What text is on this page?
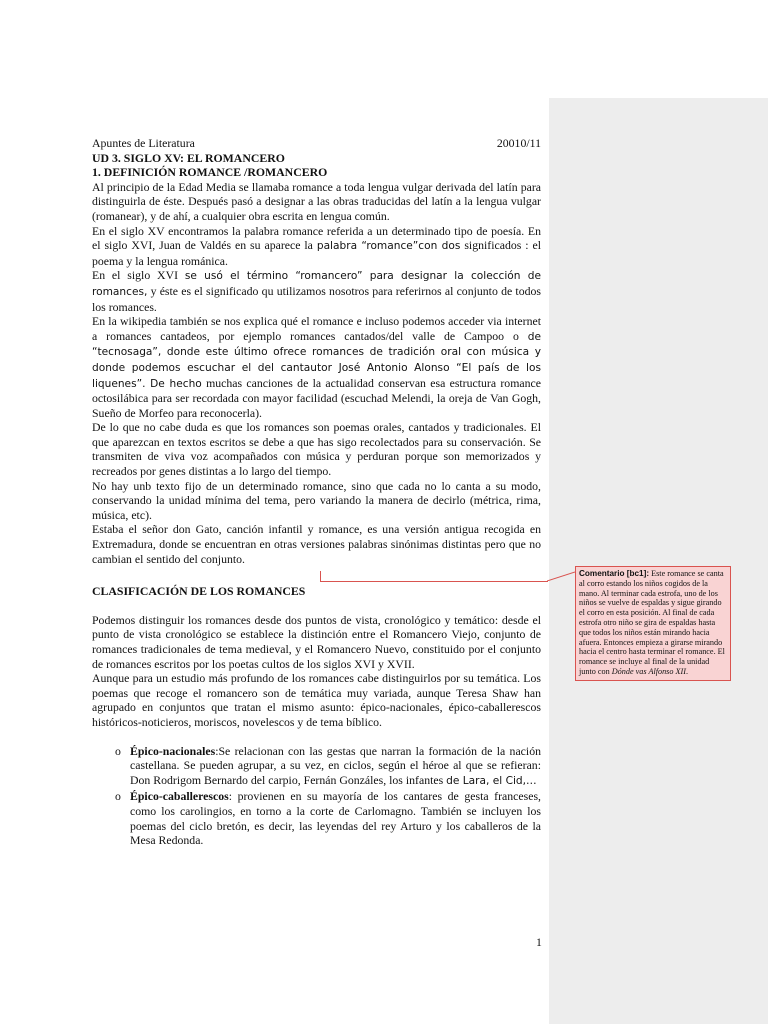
Apuntes de Literatura	20010/11

UD 3. SIGLO XV: EL ROMANCERO

1. DEFINICIÓN ROMANCE /ROMANCERO

Al principio de la Edad Media se llamaba romance a toda lengua vulgar derivada del latín para distinguirla de éste. Después pasó a designar a las obras traducidas del latín a la lengua vulgar (romanear), y de ahí, a cualquier obra escrita en lengua común.

En el siglo XV encontramos la palabra romance referida a un determinado tipo de poesía. En el siglo XVI, Juan de Valdés en su aparece la palabra “romance”con dos significados : el poema y la lengua románica.

En el siglo XVI se usó el término “romancero” para designar la colección de romances, y éste es el significado qu utilizamos nosotros para referirnos al conjunto de todos los romances.

En la wikipedia también se nos explica qué el romance e incluso podemos acceder via internet a romances cantadeos, por ejemplo romances cantados/del valle de Campoo o de “tecnosaga”, donde este último ofrece romances de tradición oral con música y donde podemos escuchar el del cantautor José Antonio Alonso “El país de los liquenes”. De hecho muchas canciones de la actualidad conservan esa estructura romance octosilábica para ser recordada con mayor facilidad (escuchad Melendi, la oreja de Van Gogh, Sueño de Morfeo para reconocerla).

De lo que no cabe duda es que los romances son poemas orales, cantados y tradicionales. El que aparezcan en textos escritos se debe a que has sigo recolectados para su conservación. Se transmiten de viva voz acompañados con música y perduran porque son memorizados y recreados por genes distintas a lo largo del tiempo.

No hay unb texto fijo de un determinado romance, sino que cada no lo canta a su modo, conservando la unidad mínima del tema, pero variando la manera de decirlo (métrica, rima, música, etc).

Estaba el señor don Gato, canción infantil y romance, es una versión antigua recogida en Extremadura, donde se encuentran en otras versiones palabras sinónimas distintas pero que no cambian el sentido del conjunto.

CLASIFICACIÓN DE LOS ROMANCES

Podemos distinguir los romances desde dos puntos de vista, cronológico y temático: desde el punto de vista cronológico se establece la distinción entre el Romancero Viejo, conjunto de romances tradicionales de tema medieval, y el Romancero Nuevo, constituido por el conjunto de romances escritos por los poetas cultos de los siglos XVI y XVII.

Aunque para un estudio más profundo de los romances cabe distinguirlos por su temática. Los poemas que recoge el romancero son de temática muy variada, aunque Teresa Shaw han agrupado en conjuntos que tratan el mismo asunto: épico-nacionales, épico-caballerescos históricos-noticieros, moriscos, novelescos y de tema bíblico.

o Épico-nacionales:Se relacionan con las gestas que narran la formación de la nación castellana. Se pueden agrupar, a su vez, en ciclos, según el héroe al que se refieran: Don Rodrigom Bernardo del carpio, Fernán Gonzáles, los infantes de Lara, el Cid,…
o Épico-caballerescos: provienen en su mayoría de los cantares de gesta franceses, como los carolingios, en torno a la corte de Carlomagno. También se incluyen los poemas del ciclo bretón, es decir, las leyendas del rey Arturo y los caballeros de la Mesa Redonda.
Comentario [bc1]: Este romance se canta al corro estando los niños cogidos de la mano. Al terminar cada estrofa, uno de los niños se vuelve de espaldas y sigue girando el corro en esta posición. Al final de cada estrofa otro niño se gira de espaldas hasta que todos los niños están mirando hacia afuera. Entonces empieza a girarse mirando hacia el centro hasta terminar el romance. El romance se incluye al final de la unidad junto con Dónde vas Alfonso XII.
1
